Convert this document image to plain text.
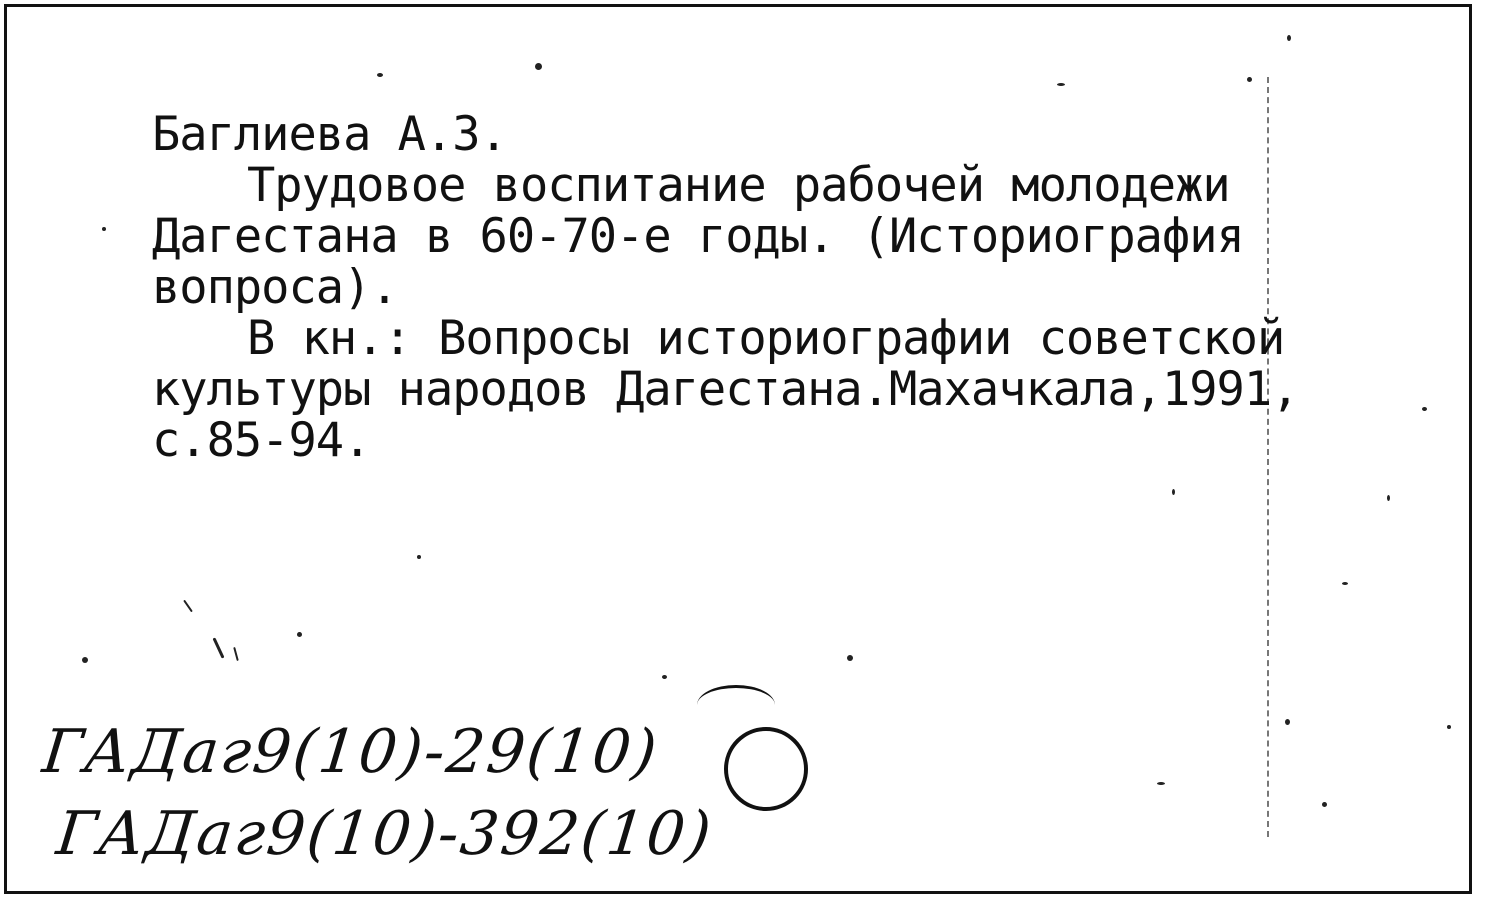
Баглиева А.З.
Трудовое воспитание рабочей молодежи
Дагестана в 60-70-е годы. (Историография
вопроса).
В кн.: Вопросы историографии советской
культуры народов Дагестана.Махачкала,1991,
с.85-94.
ГАДаг9(10)-29(10)
ГАДаг9(10)-392(10)
